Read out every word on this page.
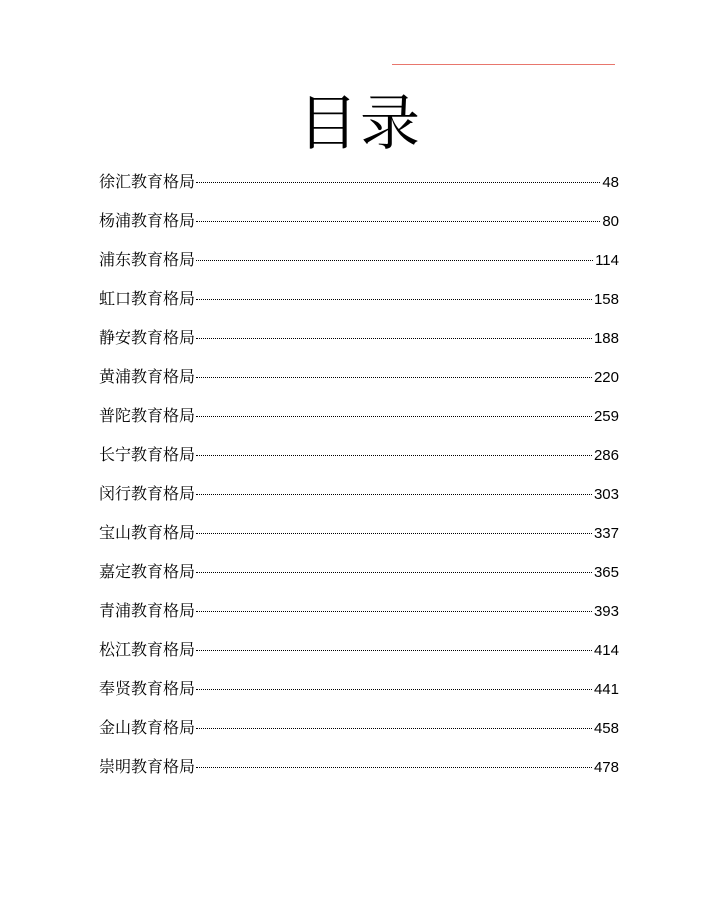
目录
徐汇教育格局	48
杨浦教育格局	80
浦东教育格局	114
虹口教育格局	158
静安教育格局	188
黄浦教育格局	220
普陀教育格局	259
长宁教育格局	286
闵行教育格局	303
宝山教育格局	337
嘉定教育格局	365
青浦教育格局	393
松江教育格局	414
奉贤教育格局	441
金山教育格局	458
崇明教育格局	478
